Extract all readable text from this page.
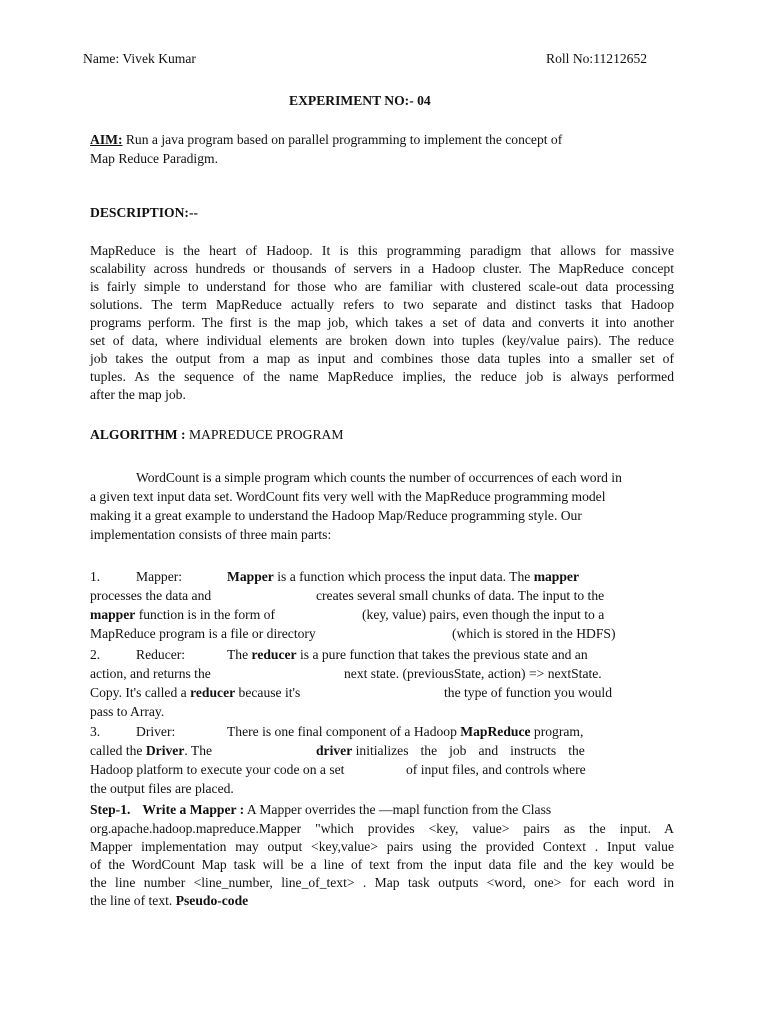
Name: Vivek Kumar	Roll No:11212652
EXPERIMENT NO:- 04
AIM: Run a java program based on parallel programming to implement the concept of
Map Reduce Paradigm.
DESCRIPTION:--
MapReduce is the heart of Hadoop. It is this programming paradigm that allows for massive
scalability across hundreds or thousands of servers in a Hadoop cluster. The MapReduce concept
is fairly simple to understand for those who are familiar with clustered scale-out data processing
solutions. The term MapReduce actually refers to two separate and distinct tasks that Hadoop
programs perform. The first is the map job, which takes a set of data and converts it into another
set of data, where individual elements are broken down into tuples (key/value pairs). The reduce
job takes the output from a map as input and combines those data tuples into a smaller set of
tuples. As the sequence of the name MapReduce implies, the reduce job is always performed
after the map job.
ALGORITHM : MAPREDUCE PROGRAM
WordCount is a simple program which counts the number of occurrences of each word in
a given text input data set. WordCount fits very well with the MapReduce programming model
making it a great example to understand the Hadoop Map/Reduce programming style. Our
implementation consists of three main parts:
1.	Mapper:	Mapper is a function which process the input data. The mapper
processes the data and	creates several small chunks of data. The input to the
mapper function is in the form of	(key, value) pairs, even though the input to a
MapReduce program is a file or directory	(which is stored in the HDFS)
2.	Reducer:	The reducer is a pure function that takes the previous state and an
action, and returns the	next state. (previousState, action) => nextState.
Copy. It's called a reducer because it's	the type of function you would
pass to Array.
3.	Driver:	There is one final component of a Hadoop MapReduce program,
called the Driver. The	driver initializes the job and instructs the
Hadoop platform to execute your code on a set	of input files, and controls where
the output files are placed.
Step-1. Write a Mapper : A Mapper overrides the —mapl function from the Class
org.apache.hadoop.mapreduce.Mapper "which provides <key, value> pairs as the input. A
Mapper implementation may output <key,value> pairs using the provided Context . Input value
of the WordCount Map task will be a line of text from the input data file and the key would be
the line number <line_number, line_of_text> . Map task outputs <word, one> for each word in
the line of text. Pseudo-code
